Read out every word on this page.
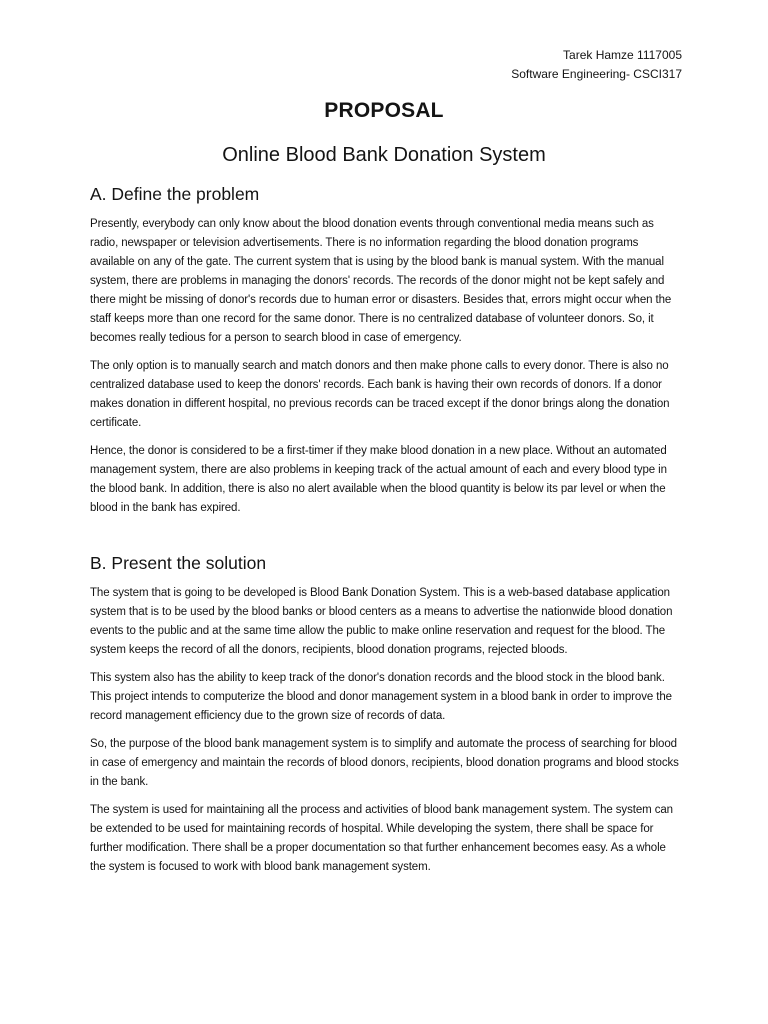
Tarek Hamze 1117005
Software Engineering- CSCI317
PROPOSAL
Online Blood Bank Donation System
A. Define the problem

Presently, everybody can only know about the blood donation events through conventional media means such as radio, newspaper or television advertisements. There is no information regarding the blood donation programs available on any of the gate. The current system that is using by the blood bank is manual system. With the manual system, there are problems in managing the donors' records. The records of the donor might not be kept safely and there might be missing of donor's records due to human error or disasters. Besides that, errors might occur when the staff keeps more than one record for the same donor. There is no centralized database of volunteer donors. So, it becomes really tedious for a person to search blood in case of emergency.

The only option is to manually search and match donors and then make phone calls to every donor. There is also no centralized database used to keep the donors' records. Each bank is having their own records of donors. If a donor makes donation in different hospital, no previous records can be traced except if the donor brings along the donation certificate.

Hence, the donor is considered to be a first-timer if they make blood donation in a new place. Without an automated management system, there are also problems in keeping track of the actual amount of each and every blood type in the blood bank. In addition, there is also no alert available when the blood quantity is below its par level or when the blood in the bank has expired.

B. Present the solution

The system that is going to be developed is Blood Bank Donation System. This is a web-based database application system that is to be used by the blood banks or blood centers as a means to advertise the nationwide blood donation events to the public and at the same time allow the public to make online reservation and request for the blood. The system keeps the record of all the donors, recipients, blood donation programs, rejected bloods.

This system also has the ability to keep track of the donor's donation records and the blood stock in the blood bank. This project intends to computerize the blood and donor management system in a blood bank in order to improve the record management efficiency due to the grown size of records of data.

So, the purpose of the blood bank management system is to simplify and automate the process of searching for blood in case of emergency and maintain the records of blood donors, recipients, blood donation programs and blood stocks in the bank.

The system is used for maintaining all the process and activities of blood bank management system. The system can be extended to be used for maintaining records of hospital. While developing the system, there shall be space for further modification. There shall be a proper documentation so that further enhancement becomes easy. As a whole the system is focused to work with blood bank management system.
